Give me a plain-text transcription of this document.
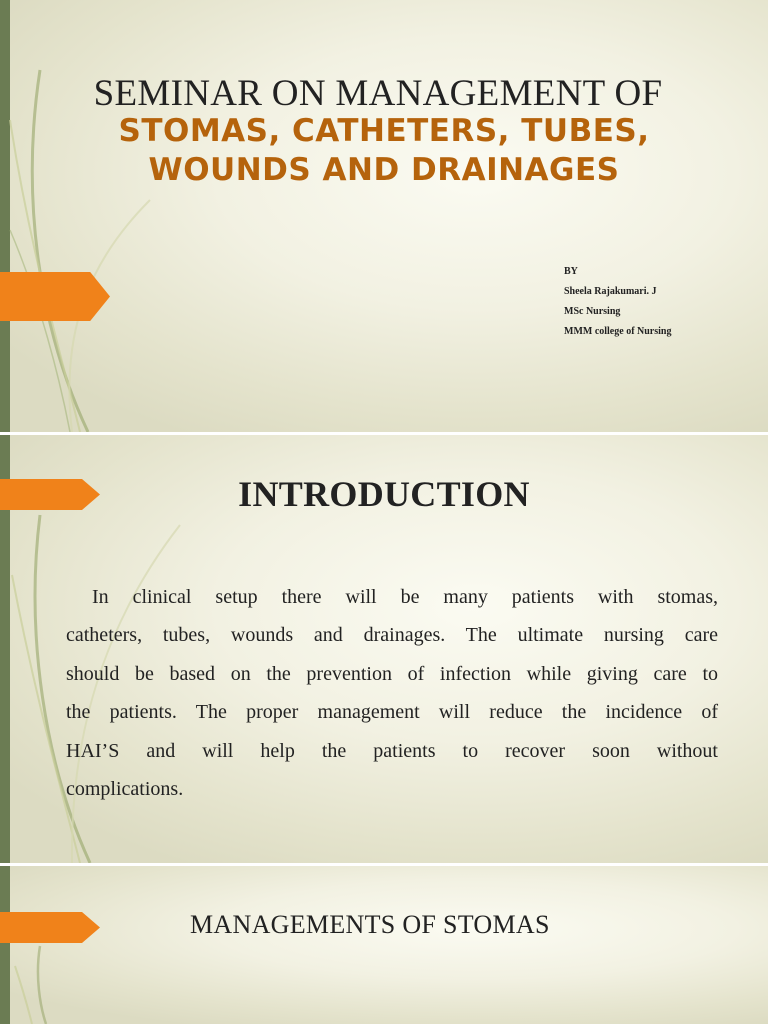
SEMINAR ON MANAGEMENT OF
STOMAS, CATHETERS, TUBES,
WOUNDS AND DRAINAGES
BY
Sheela Rajakumari. J
MSc Nursing
MMM college of Nursing
INTRODUCTION
In clinical setup there will be many patients with stomas,
catheters, tubes, wounds and drainages. The ultimate nursing care
should be based on the prevention of infection while giving care to
the patients. The proper management will reduce the incidence of
HAI’S and will help the patients to recover soon without
complications.
MANAGEMENTS OF STOMAS
